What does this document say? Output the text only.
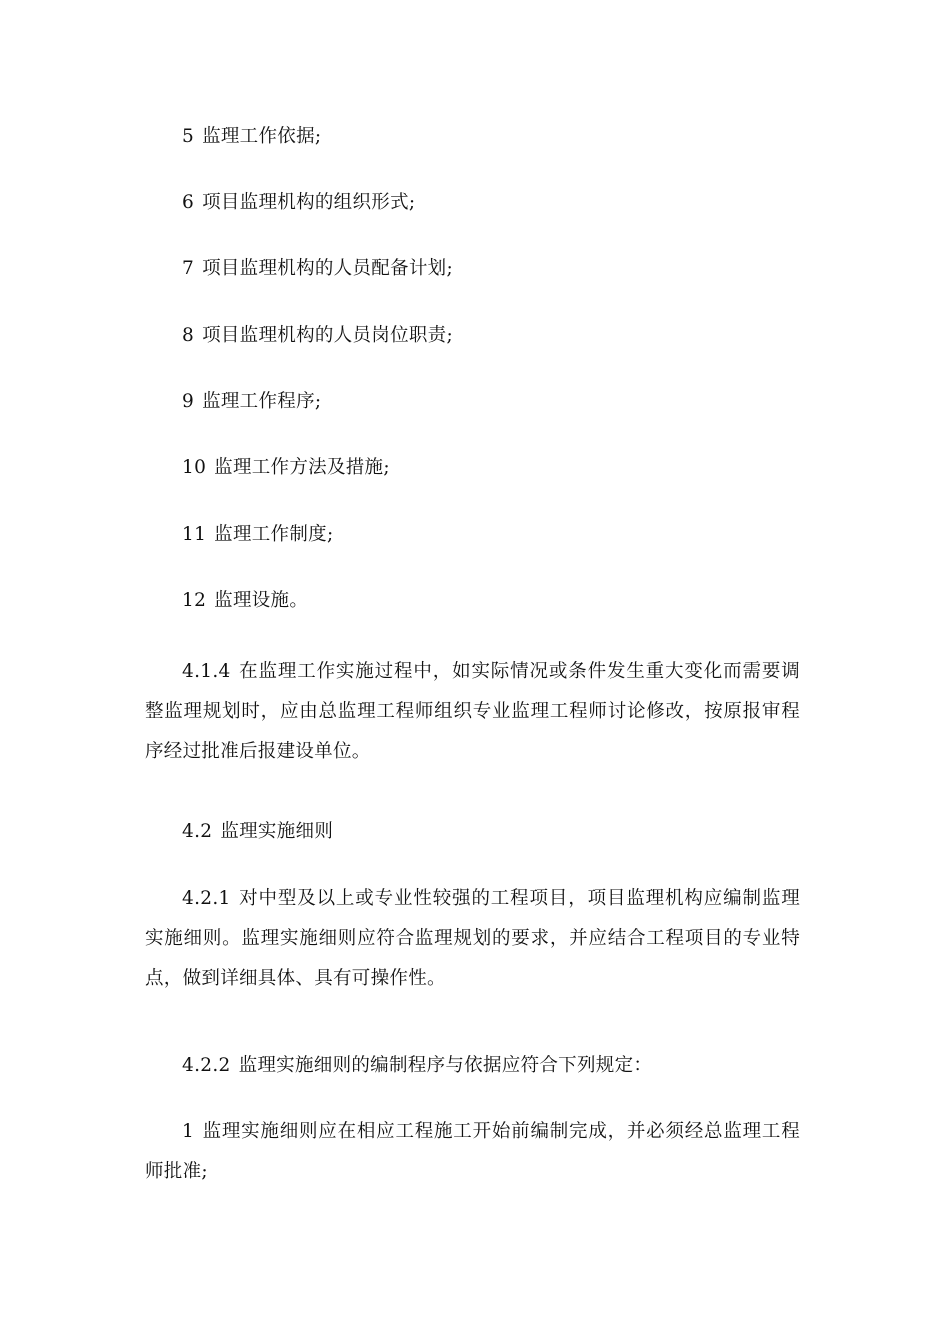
5 监理工作依据;

6 项目监理机构的组织形式;

7 项目监理机构的人员配备计划;

8 项目监理机构的人员岗位职责;

9 监理工作程序;

10 监理工作方法及措施;

11 监理工作制度;

12 监理设施。

4.1.4 在监理工作实施过程中，如实际情况或条件发生重大变化而需要调整监理规划时，应由总监理工程师组织专业监理工程师讨论修改，按原报审程序经过批准后报建设单位。

4.2 监理实施细则

4.2.1 对中型及以上或专业性较强的工程项目，项目监理机构应编制监理实施细则。监理实施细则应符合监理规划的要求，并应结合工程项目的专业特点，做到详细具体、具有可操作性。

4.2.2 监理实施细则的编制程序与依据应符合下列规定：

1 监理实施细则应在相应工程施工开始前编制完成，并必须经总监理工程师批准;
